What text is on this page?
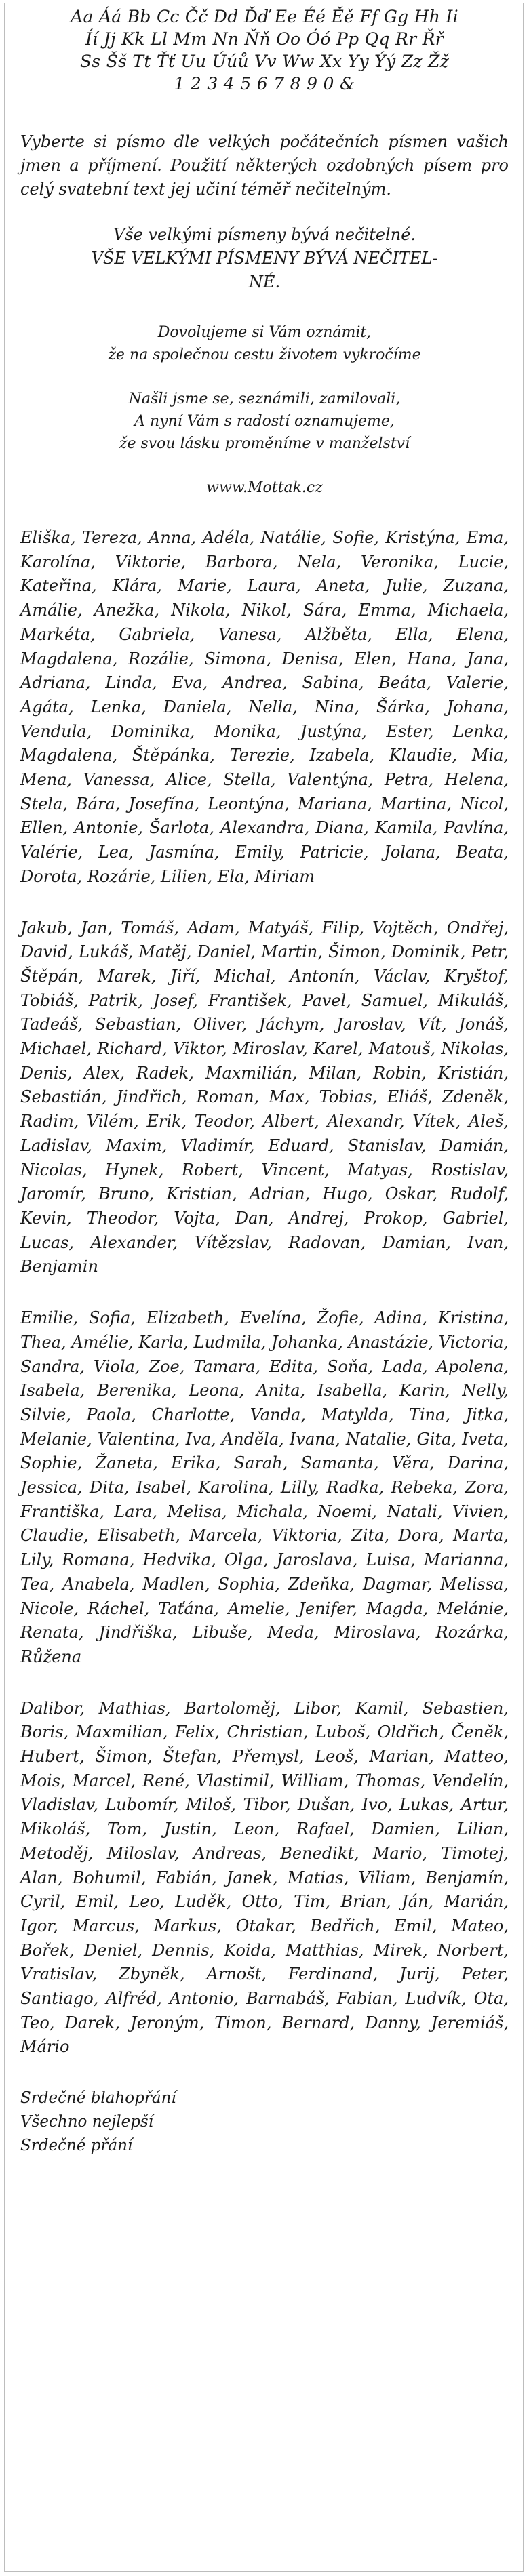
Aa Áá Bb Cc Čč Dd Ďď Ee Éé Ěě Ff Gg Hh Ii
Íí Jj Kk Ll Mm Nn Ňň Oo Óó Pp Qq Rr Řř
Ss Šš Tt Ťť Uu Úúů Vv Ww Xx Yy Ýý Zz Žž
1 2 3 4 5 6 7 8 9 0 &

Vyberte si písmo dle velkých počátečních písmen vašich jmen a příjmení. Použití některých ozdobných písem pro celý svatební text jej učiní téměř nečitelným.

Vše velkými písmeny bývá nečitelné.
VŠE VELKÝMI PÍSMENY BÝVÁ NEČITEL-
NÉ.
Dovolujeme si Vám oznámit,
že na společnou cestu životem vykročíme
Našli jsme se, seznámili, zamilovali,
A nyní Vám s radostí oznamujeme,
že svou lásku proměníme v manželství
www.Mottak.cz

Eliška, Tereza, Anna, Adéla, Natálie, Sofie, Kristýna, Ema, Karolína, Viktorie, Barbora, Nela, Veronika, Lucie, Kateřina, Klára, Marie, Laura, Aneta, Julie, Zuzana, Amálie, Anežka, Nikola, Nikol, Sára, Emma, Michaela, Markéta, Gabriela, Vanesa, Alžběta, Ella, Elena, Magdalena, Rozálie, Simona, Denisa, Elen, Hana, Jana, Adriana, Linda, Eva, Andrea, Sabina, Beáta, Valerie, Agáta, Lenka, Daniela, Nella, Nina, Šárka, Johana, Vendula, Dominika, Monika, Justýna, Ester, Lenka, Magdalena, Štěpánka, Terezie, Izabela, Klaudie, Mia, Mena, Vanessa, Alice, Stella, Valentýna, Petra, Helena, Stela, Bára, Josefína, Leontýna, Mariana, Martina, Nicol, Ellen, Antonie, Šarlota, Alexandra, Diana, Kamila, Pavlína, Valérie, Lea, Jasmína, Emily, Patricie, Jolana, Beata, Dorota, Rozárie, Lilien, Ela, Miriam

Jakub, Jan, Tomáš, Adam, Matyáš, Filip, Vojtěch, Ondřej, David, Lukáš, Matěj, Daniel, Martin, Šimon, Dominik, Petr, Štěpán, Marek, Jiří, Michal, Antonín, Václav, Kryštof, Tobiáš, Patrik, Josef, František, Pavel, Samuel, Mikuláš, Tadeáš, Sebastian, Oliver, Jáchym, Jaroslav, Vít, Jonáš, Michael, Richard, Viktor, Miroslav, Karel, Matouš, Nikolas, Denis, Alex, Radek, Maxmilián, Milan, Robin, Kristián, Sebastián, Jindřich, Roman, Max, Tobias, Eliáš, Zdeněk, Radim, Vilém, Erik, Teodor, Albert, Alexandr, Vítek, Aleš, Ladislav, Maxim, Vladimír, Eduard, Stanislav, Damián, Nicolas, Hynek, Robert, Vincent, Matyas, Rostislav, Jaromír, Bruno, Kristian, Adrian, Hugo, Oskar, Rudolf, Kevin, Theodor, Vojta, Dan, Andrej, Prokop, Gabriel, Lucas, Alexander, Vítězslav, Radovan, Damian, Ivan, Benjamin

Emilie, Sofia, Elizabeth, Evelína, Žofie, Adina, Kristina, Thea, Amélie, Karla, Ludmila, Johanka, Anastázie, Victoria, Sandra, Viola, Zoe, Tamara, Edita, Soňa, Lada, Apolena, Isabela, Berenika, Leona, Anita, Isabella, Karin, Nelly, Silvie, Paola, Charlotte, Vanda, Matylda, Tina, Jitka, Melanie, Valentina, Iva, Anděla, Ivana, Natalie, Gita, Iveta, Sophie, Žaneta, Erika, Sarah, Samanta, Věra, Darina, Jessica, Dita, Isabel, Karolina, Lilly, Radka, Rebeka, Zora, Františka, Lara, Melisa, Michala, Noemi, Natali, Vivien, Claudie, Elisabeth, Marcela, Viktoria, Zita, Dora, Marta, Lily, Romana, Hedvika, Olga, Jaroslava, Luisa, Marianna, Tea, Anabela, Madlen, Sophia, Zdeňka, Dagmar, Melissa, Nicole, Ráchel, Taťána, Amelie, Jenifer, Magda, Melánie, Renata, Jindřiška, Libuše, Meda, Miroslava, Rozárka, Růžena

Dalibor, Mathias, Bartoloměj, Libor, Kamil, Sebastien, Boris, Maxmilian, Felix, Christian, Luboš, Oldřich, Čeněk, Hubert, Šimon, Štefan, Přemysl, Leoš, Marian, Matteo, Mois, Marcel, René, Vlastimil, William, Thomas, Vendelín, Vladislav, Lubomír, Miloš, Tibor, Dušan, Ivo, Lukas, Artur, Mikoláš, Tom, Justin, Leon, Rafael, Damien, Lilian, Metoděj, Miloslav, Andreas, Benedikt, Mario, Timotej, Alan, Bohumil, Fabián, Janek, Matias, Viliam, Benjamín, Cyril, Emil, Leo, Luděk, Otto, Tim, Brian, Ján, Marián, Igor, Marcus, Markus, Otakar, Bedřich, Emil, Mateo, Bořek, Deniel, Dennis, Koida, Matthias, Mirek, Norbert, Vratislav, Zbyněk, Arnošt, Ferdinand, Jurij, Peter, Santiago, Alfréd, Antonio, Barnabáš, Fabian, Ludvík, Ota, Teo, Darek, Jeroným, Timon, Bernard, Danny, Jeremiáš, Mário

Srdečné blahopřání
Všechno nejlepší
Srdečné přání
